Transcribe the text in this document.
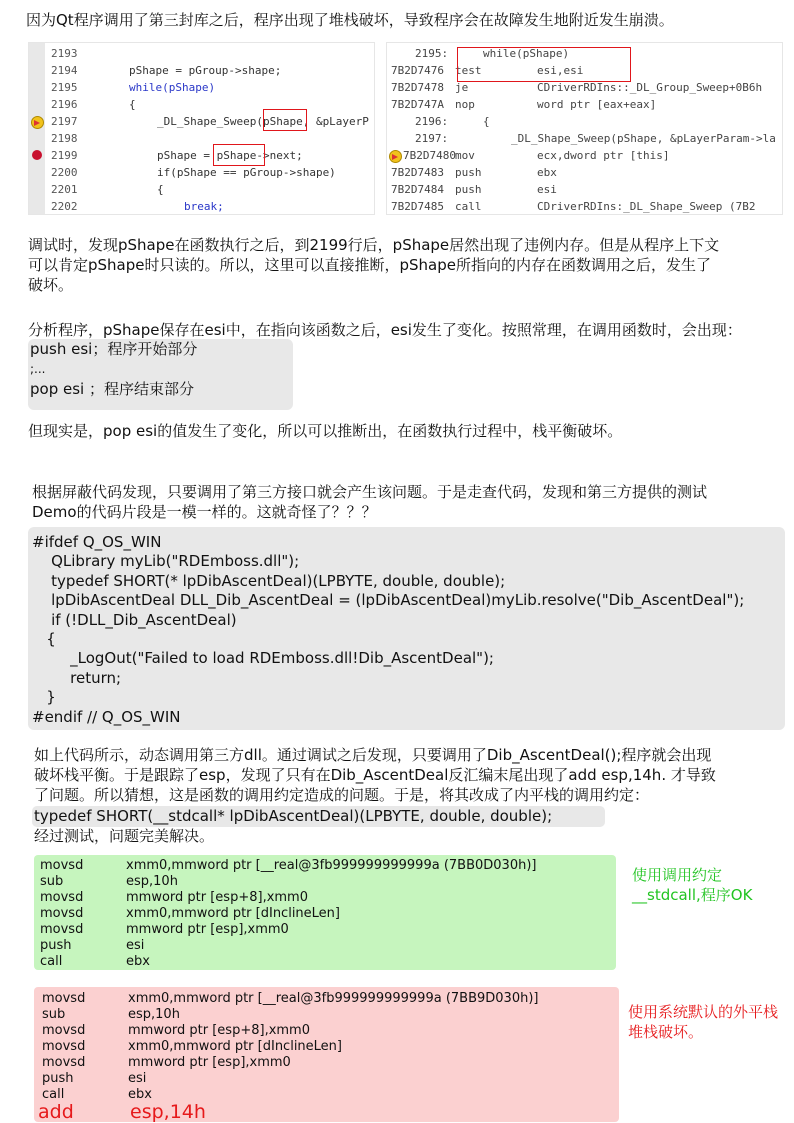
因为Qt程序调用了第三封库之后，程序出现了堆栈破坏，导致程序会在故障发生地附近发生崩溃。
2193
2194	pShape = pGroup->shape;
2195	while(pShape)
2196	{
2197	_DL_Shape_Sweep(pShape, &pLayerP
2198
2199	pShape = pShape->next;
2200	if(pShape == pGroup->shape)
2201	{
2202	break;
2195:	while(pShape)
7B2D7476 test	esi,esi
7B2D7478 je	CDriverRDIns::_DL_Group_Sweep+0B6h
7B2D747A nop	word ptr [eax+eax]
2196:	{
2197:	_DL_Shape_Sweep(pShape, &pLayerParam->la
7B2D7480 mov	ecx,dword ptr [this]
7B2D7483 push	ebx
7B2D7484 push	esi
7B2D7485 call	CDriverRDIns:_DL_Shape_Sweep (7B2
调试时，发现pShape在函数执行之后，到2199行后，pShape居然出现了违例内存。但是从程序上下文
可以肯定pShape时只读的。所以，这里可以直接推断，pShape所指向的内存在函数调用之后，发生了
破坏。
分析程序，pShape保存在esi中，在指向该函数之后，esi发生了变化。按照常理，在调用函数时，会出现：
push esi；程序开始部分
;...
pop esi ；程序结束部分
但现实是，pop esi的值发生了变化，所以可以推断出，在函数执行过程中，栈平衡破坏。
根据屏蔽代码发现，只要调用了第三方接口就会产生该问题。于是走查代码，发现和第三方提供的测试
Demo的代码片段是一模一样的。这就奇怪了？？？
#ifdef Q_OS_WIN
QLibrary myLib("RDEmboss.dll");
typedef SHORT(* lpDibAscentDeal)(LPBYTE, double, double);
lpDibAscentDeal DLL_Dib_AscentDeal = (lpDibAscentDeal)myLib.resolve("Dib_AscentDeal");
if (!DLL_Dib_AscentDeal)
{
_LogOut("Failed to load RDEmboss.dll!Dib_AscentDeal");
return;
}
#endif // Q_OS_WIN
如上代码所示，动态调用第三方dll。通过调试之后发现，只要调用了Dib_AscentDeal();程序就会出现
破坏栈平衡。于是跟踪了esp，发现了只有在Dib_AscentDeal反汇编末尾出现了add esp,14h. 才导致
了问题。所以猜想，这是函数的调用约定造成的问题。于是，将其改成了内平栈的调用约定：
typedef SHORT(__stdcall* lpDibAscentDeal)(LPBYTE, double, double);
经过测试，问题完美解决。
movsd	xmm0,mmword ptr [__real@3fb999999999999a (7BB0D030h)]
sub	esp,10h
movsd	mmword ptr [esp+8],xmm0
movsd	xmm0,mmword ptr [dInclineLen]
movsd	mmword ptr [esp],xmm0
push	esi
call	ebx
使用调用约定
__stdcall,程序OK
movsd	xmm0,mmword ptr [__real@3fb999999999999a (7BB9D030h)]
sub	esp,10h
movsd	mmword ptr [esp+8],xmm0
movsd	xmm0,mmword ptr [dInclineLen]
movsd	mmword ptr [esp],xmm0
push	esi
call	ebx
add	esp,14h
使用系统默认的外平栈
堆栈破坏。
